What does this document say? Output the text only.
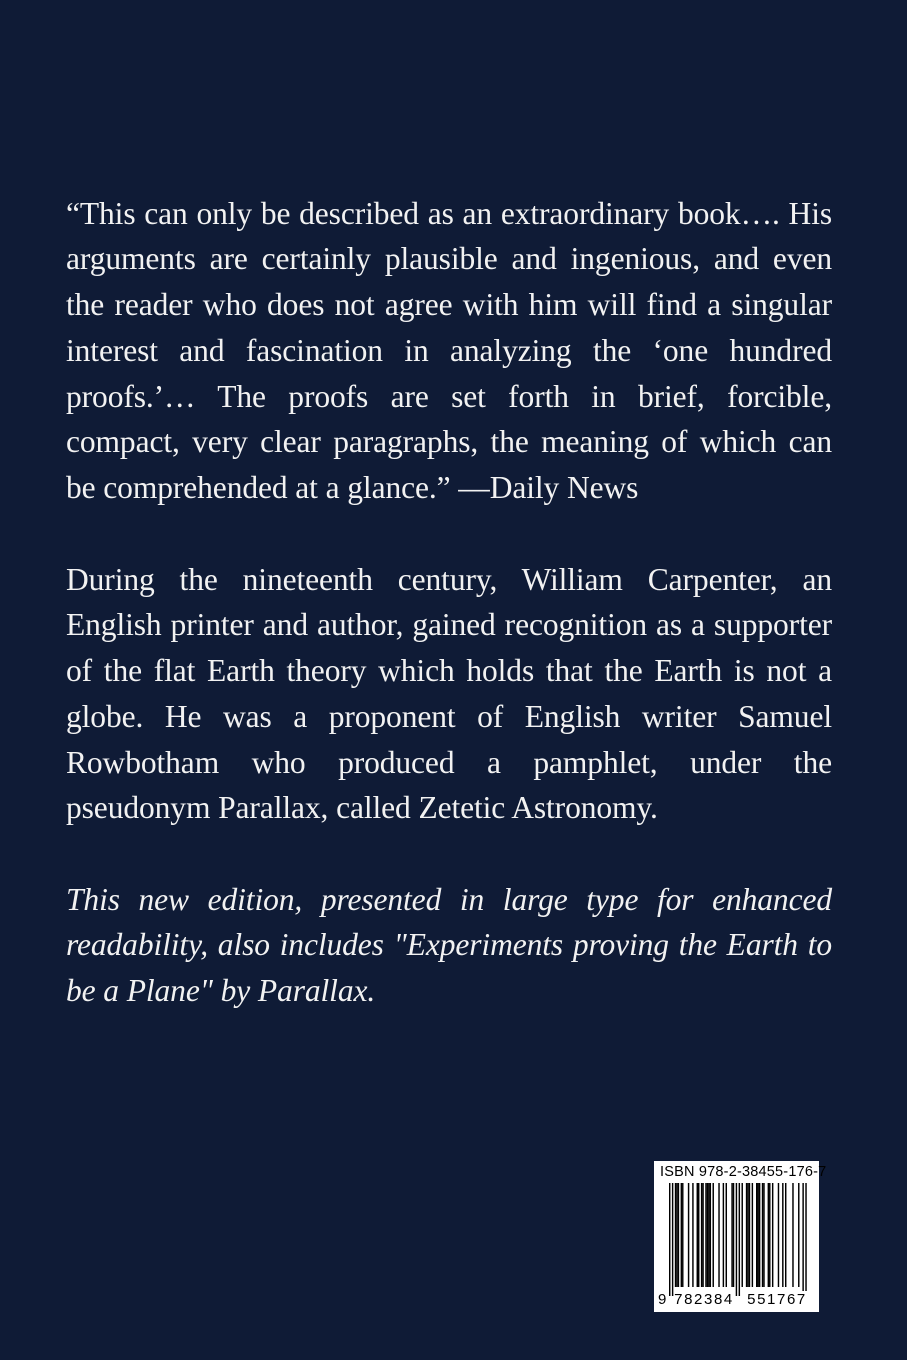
“This can only be described as an extraordinary book…. His arguments are certainly plausible and ingenious, and even the reader who does not agree with him will find a singular interest and fascination in analyzing the ‘one hundred proofs.’… The proofs are set forth in brief, forcible, compact, very clear paragraphs, the meaning of which can be comprehended at a glance.” —Daily News

During the nineteenth century, William Carpenter, an English printer and author, gained recognition as a supporter of the flat Earth theory which holds that the Earth is not a globe. He was a proponent of English writer Samuel Rowbotham who produced a pamphlet, under the pseudonym Parallax, called Zetetic Astronomy.

This new edition, presented in large type for enhanced readability, also includes "Experiments proving the Earth to be a Plane" by Parallax.

ISBN 978-2-38455-176-7
9 782384 551767
